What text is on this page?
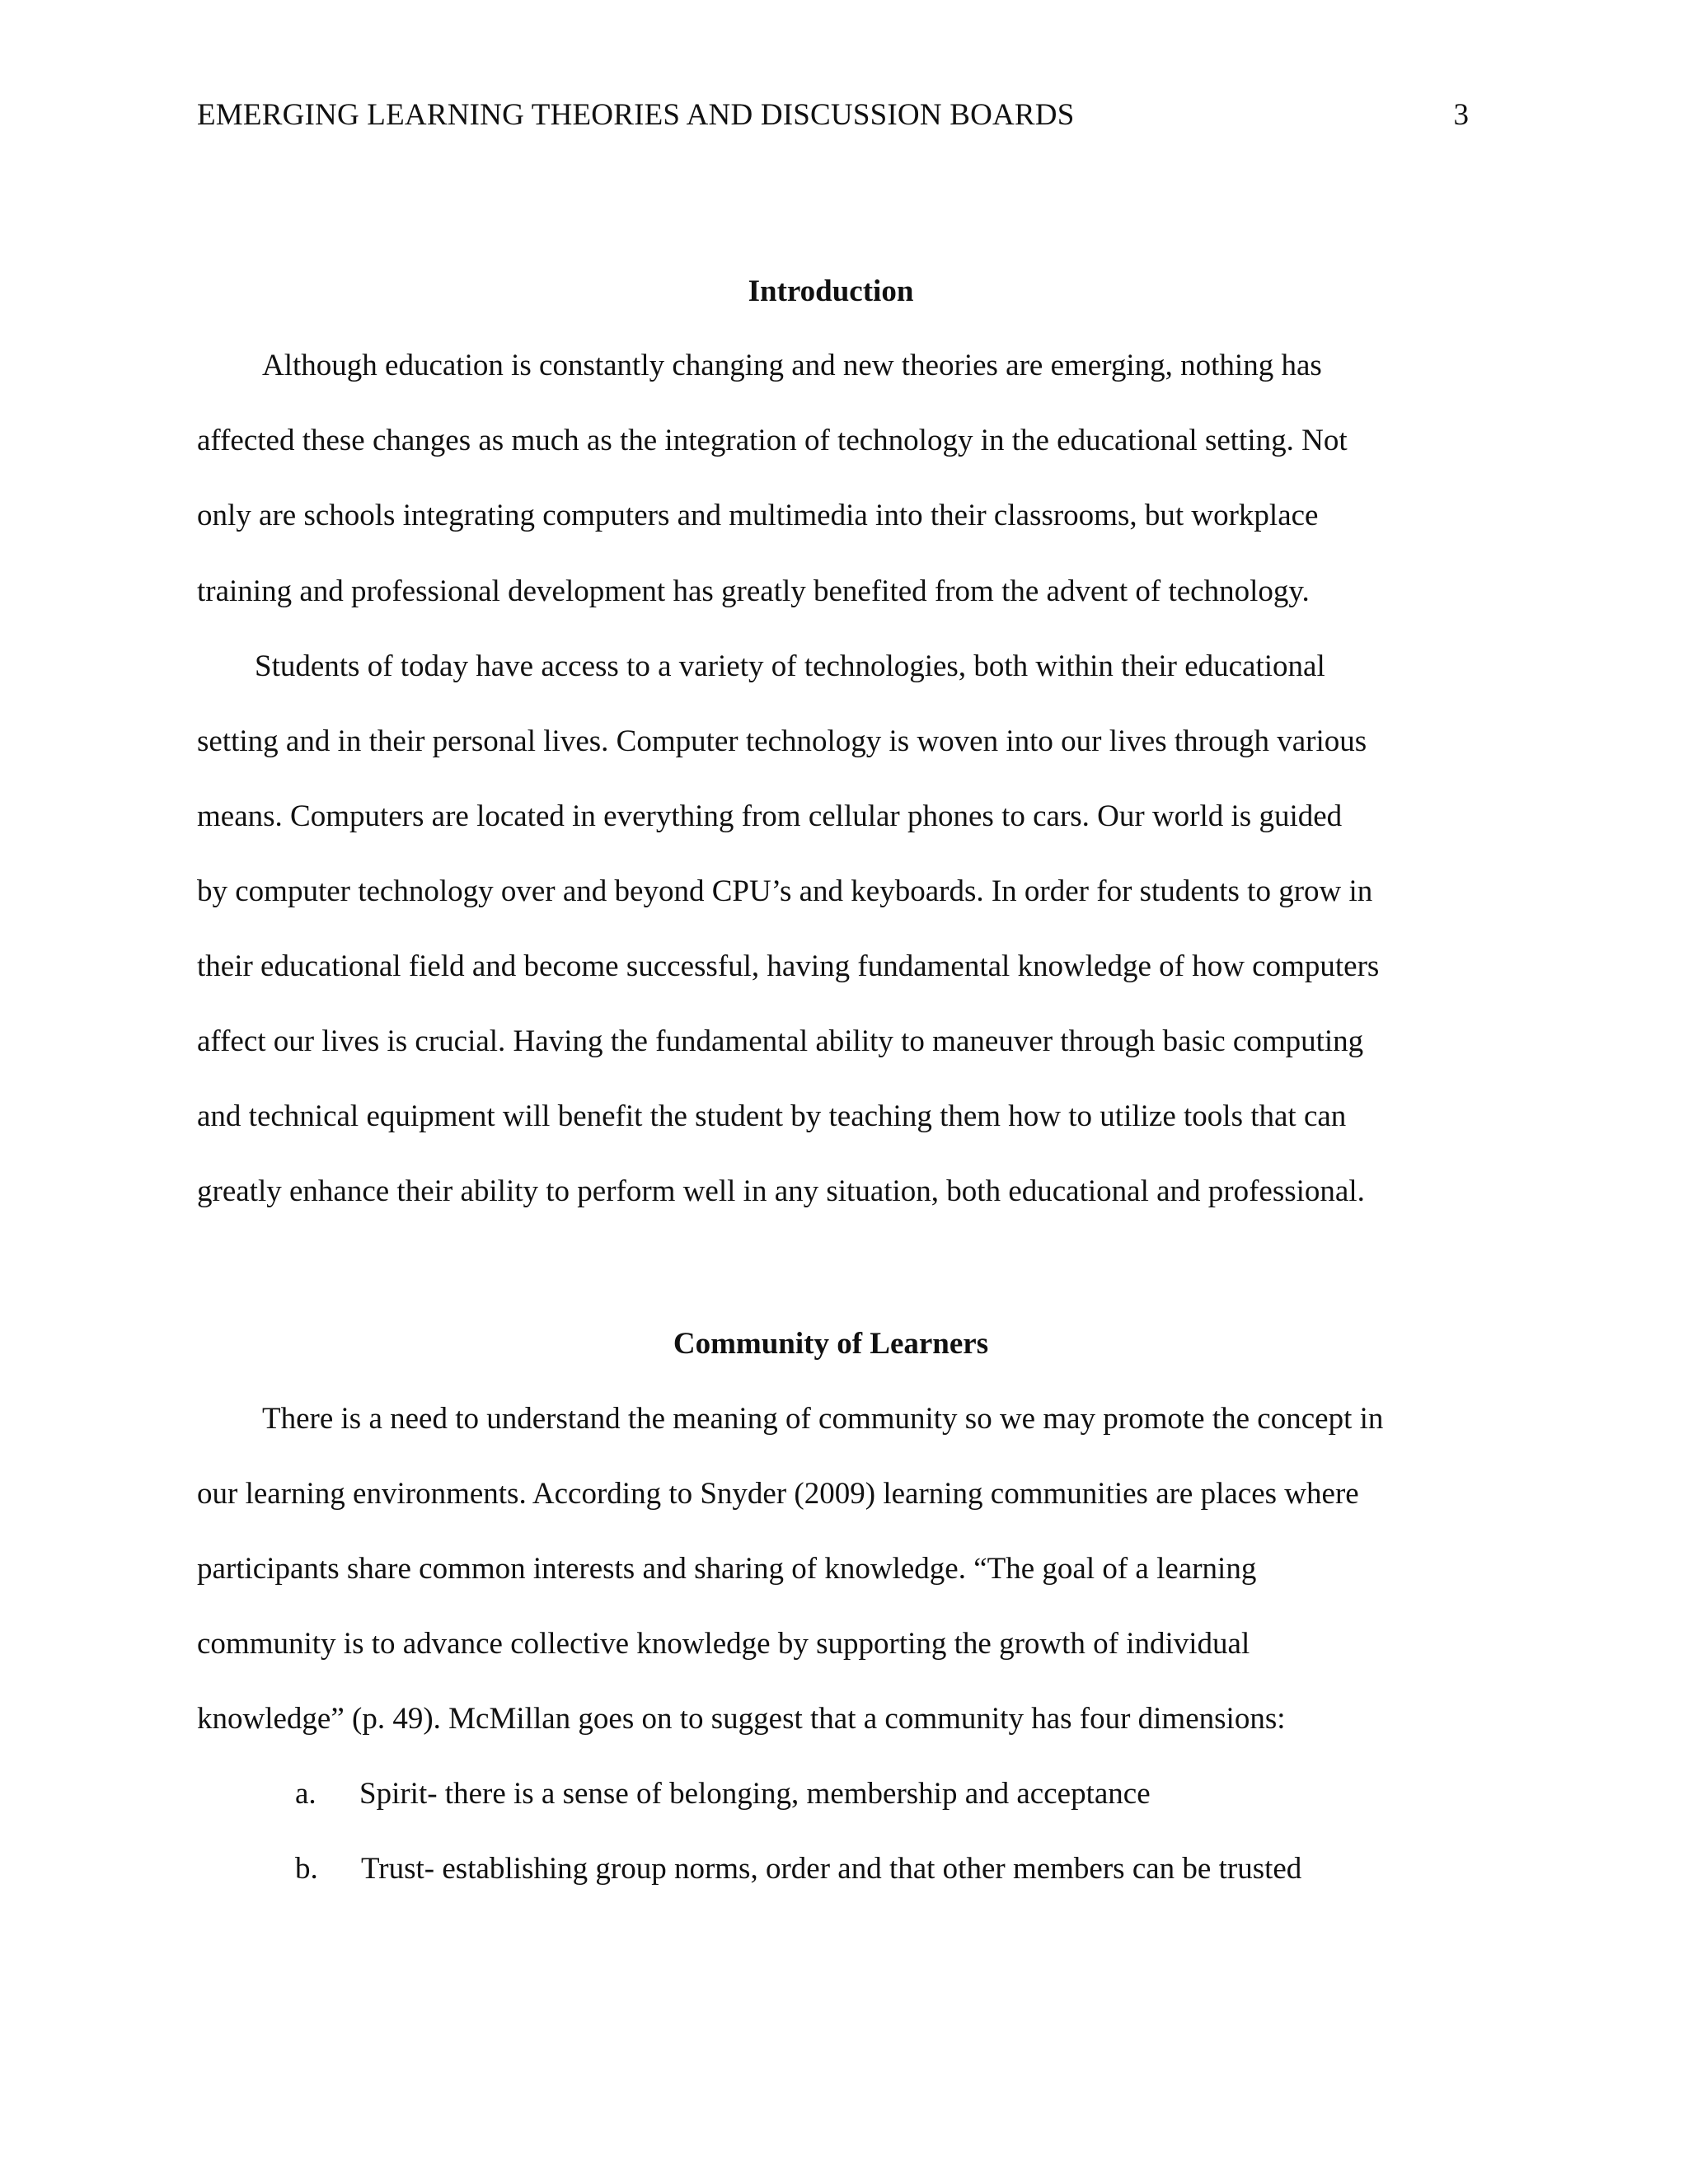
EMERGING LEARNING THEORIES AND DISCUSSION BOARDS	3
Introduction
Although education is constantly changing and new theories are emerging, nothing has
affected these changes as much as the integration of technology in the educational setting. Not
only are schools integrating computers and multimedia into their classrooms, but workplace
training and professional development has greatly benefited from the advent of technology.
Students of today have access to a variety of technologies, both within their educational
setting and in their personal lives. Computer technology is woven into our lives through various
means. Computers are located in everything from cellular phones to cars. Our world is guided
by computer technology over and beyond CPU’s and keyboards. In order for students to grow in
their educational field and become successful, having fundamental knowledge of how computers
affect our lives is crucial. Having the fundamental ability to maneuver through basic computing
and technical equipment will benefit the student by teaching them how to utilize tools that can
greatly enhance their ability to perform well in any situation, both educational and professional.
Community of Learners
There is a need to understand the meaning of community so we may promote the concept in
our learning environments. According to Snyder (2009) learning communities are places where
participants share common interests and sharing of knowledge. “The goal of a learning
community is to advance collective knowledge by supporting the growth of individual
knowledge” (p. 49). McMillan goes on to suggest that a community has four dimensions:
a. Spirit- there is a sense of belonging, membership and acceptance
b. Trust- establishing group norms, order and that other members can be trusted
